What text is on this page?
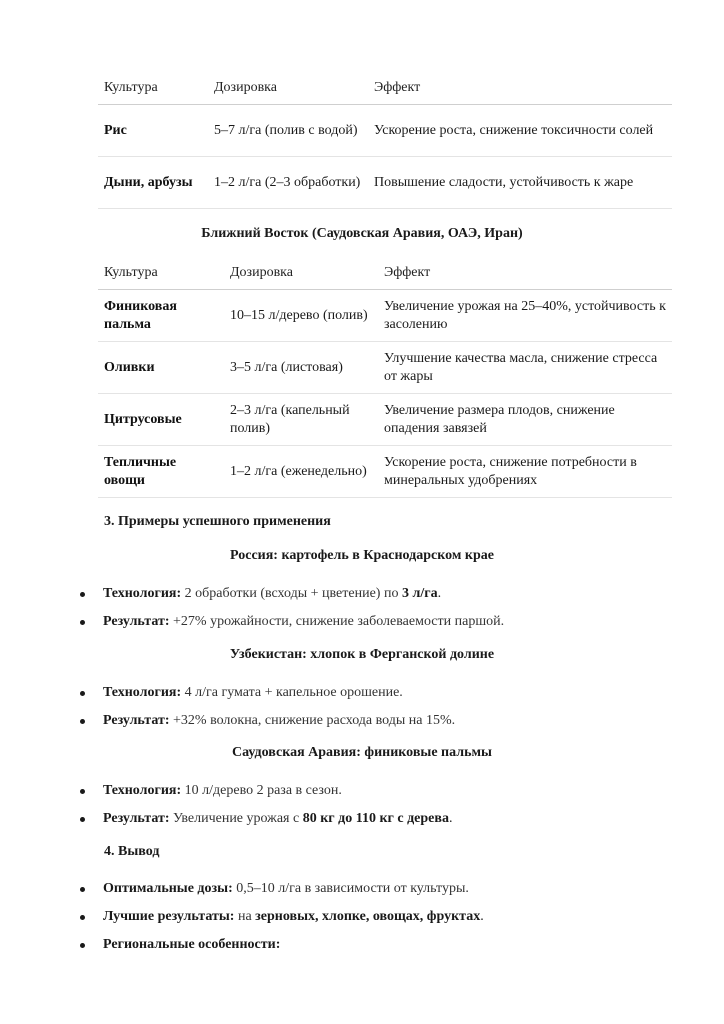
Культура	Дозировка	Эффект
Рис	5–7 л/га (полив с водой)	Ускорение роста, снижение токсичности солей
Дыни, арбузы	1–2 л/га (2–3 обработки)	Повышение сладости, устойчивость к жаре
Ближний Восток (Саудовская Аравия, ОАЭ, Иран)
Культура	Дозировка	Эффект
Финиковая пальма	10–15 л/дерево (полив)	Увеличение урожая на 25–40%, устойчивость к засолению
Оливки	3–5 л/га (листовая)	Улучшение качества масла, снижение стресса от жары
Цитрусовые	2–3 л/га (капельный полив)	Увеличение размера плодов, снижение опадения завязей
Тепличные овощи	1–2 л/га (еженедельно)	Ускорение роста, снижение потребности в минеральных удобрениях
3. Примеры успешного применения
Россия: картофель в Краснодарском крае
Технология: 2 обработки (всходы + цветение) по 3 л/га.
Результат: +27% урожайности, снижение заболеваемости паршой.
Узбекистан: хлопок в Ферганской долине
Технология: 4 л/га гумата + капельное орошение.
Результат: +32% волокна, снижение расхода воды на 15%.
Саудовская Аравия: финиковые пальмы
Технология: 10 л/дерево 2 раза в сезон.
Результат: Увеличение урожая с 80 кг до 110 кг с дерева.
4. Вывод
Оптимальные дозы: 0,5–10 л/га в зависимости от культуры.
Лучшие результаты: на зерновых, хлопке, овощах, фруктах.
Региональные особенности:
